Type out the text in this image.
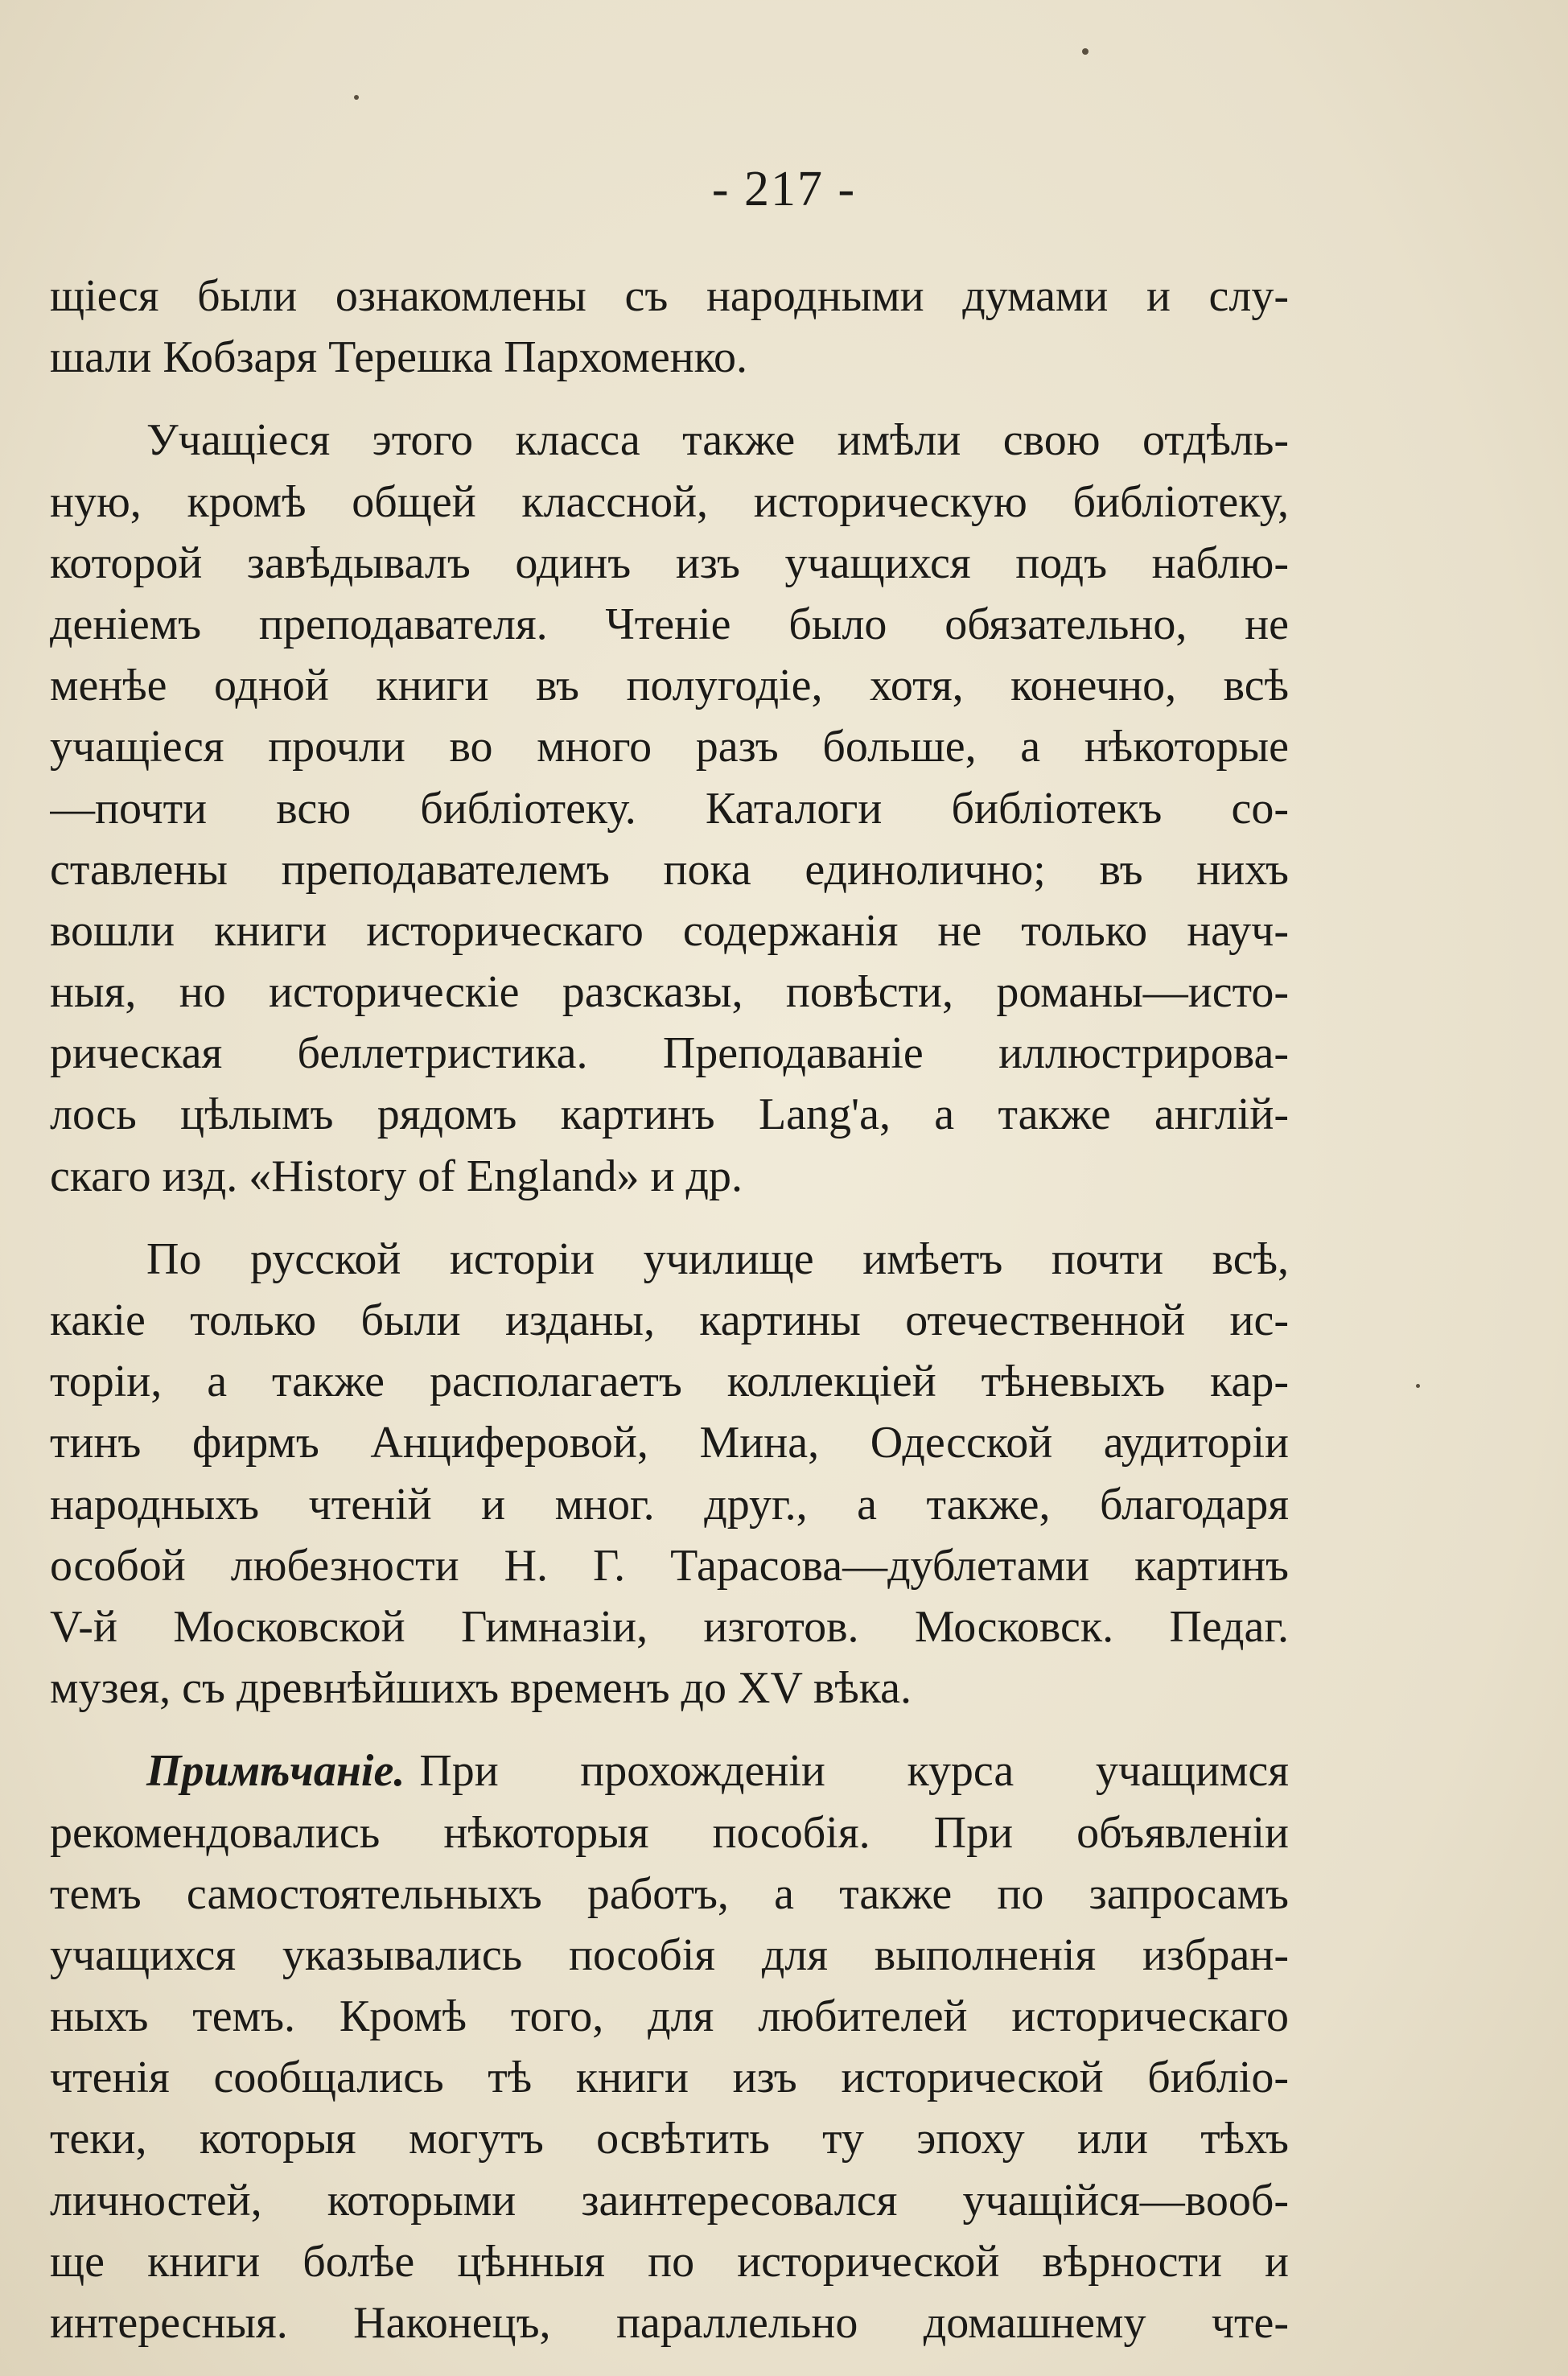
- 217 -
щіеся были ознакомлены съ народными думами и слу-
шали Кобзаря Терешка Пархоменко.
Учащіеся этого класса также имѣли свою отдѣль-
ную, кромѣ общей классной, историческую библіотеку,
которой завѣдывалъ одинъ изъ учащихся подъ наблю-
деніемъ преподавателя. Чтеніе было обязательно, не
менѣе одной книги въ полугодіе, хотя, конечно, всѣ
учащіеся прочли во много разъ больше, а нѣкоторые
—почти всю библіотеку. Каталоги библіотекъ со-
ставлены преподавателемъ пока единолично; въ нихъ
вошли книги историческаго содержанія не только науч-
ныя, но историческіе разсказы, повѣсти, романы—исто-
рическая беллетристика. Преподаваніе иллюстрирова-
лось цѣлымъ рядомъ картинъ Lang'a, а также англій-
скаго изд. «History of England» и др.
По русской исторіи училище имѣетъ почти всѣ,
какіе только были изданы, картины отечественной ис-
торіи, а также располагаетъ коллекціей тѣневыхъ кар-
тинъ фирмъ Анциферовой, Мина, Одесской аудиторіи
народныхъ чтеній и мног. друг., а также, благодаря
особой любезности Н. Г. Тарасова—дублетами картинъ
V-й Московской Гимназіи, изготов. Московск. Педаг.
музея, съ древнѣйшихъ временъ до XV вѣка.
Примѣчаніе. При прохожденіи курса учащимся
рекомендовались нѣкоторыя пособія. При объявленіи
темъ самостоятельныхъ работъ, а также по запросамъ
учащихся указывались пособія для выполненія избран-
ныхъ темъ. Кромѣ того, для любителей историческаго
чтенія сообщались тѣ книги изъ исторической библіо-
теки, которыя могутъ освѣтить ту эпоху или тѣхъ
личностей, которыми заинтересовался учащійся—вооб-
ще книги болѣе цѣнныя по исторической вѣрности и
интересныя. Наконецъ, параллельно домашнему чте-
